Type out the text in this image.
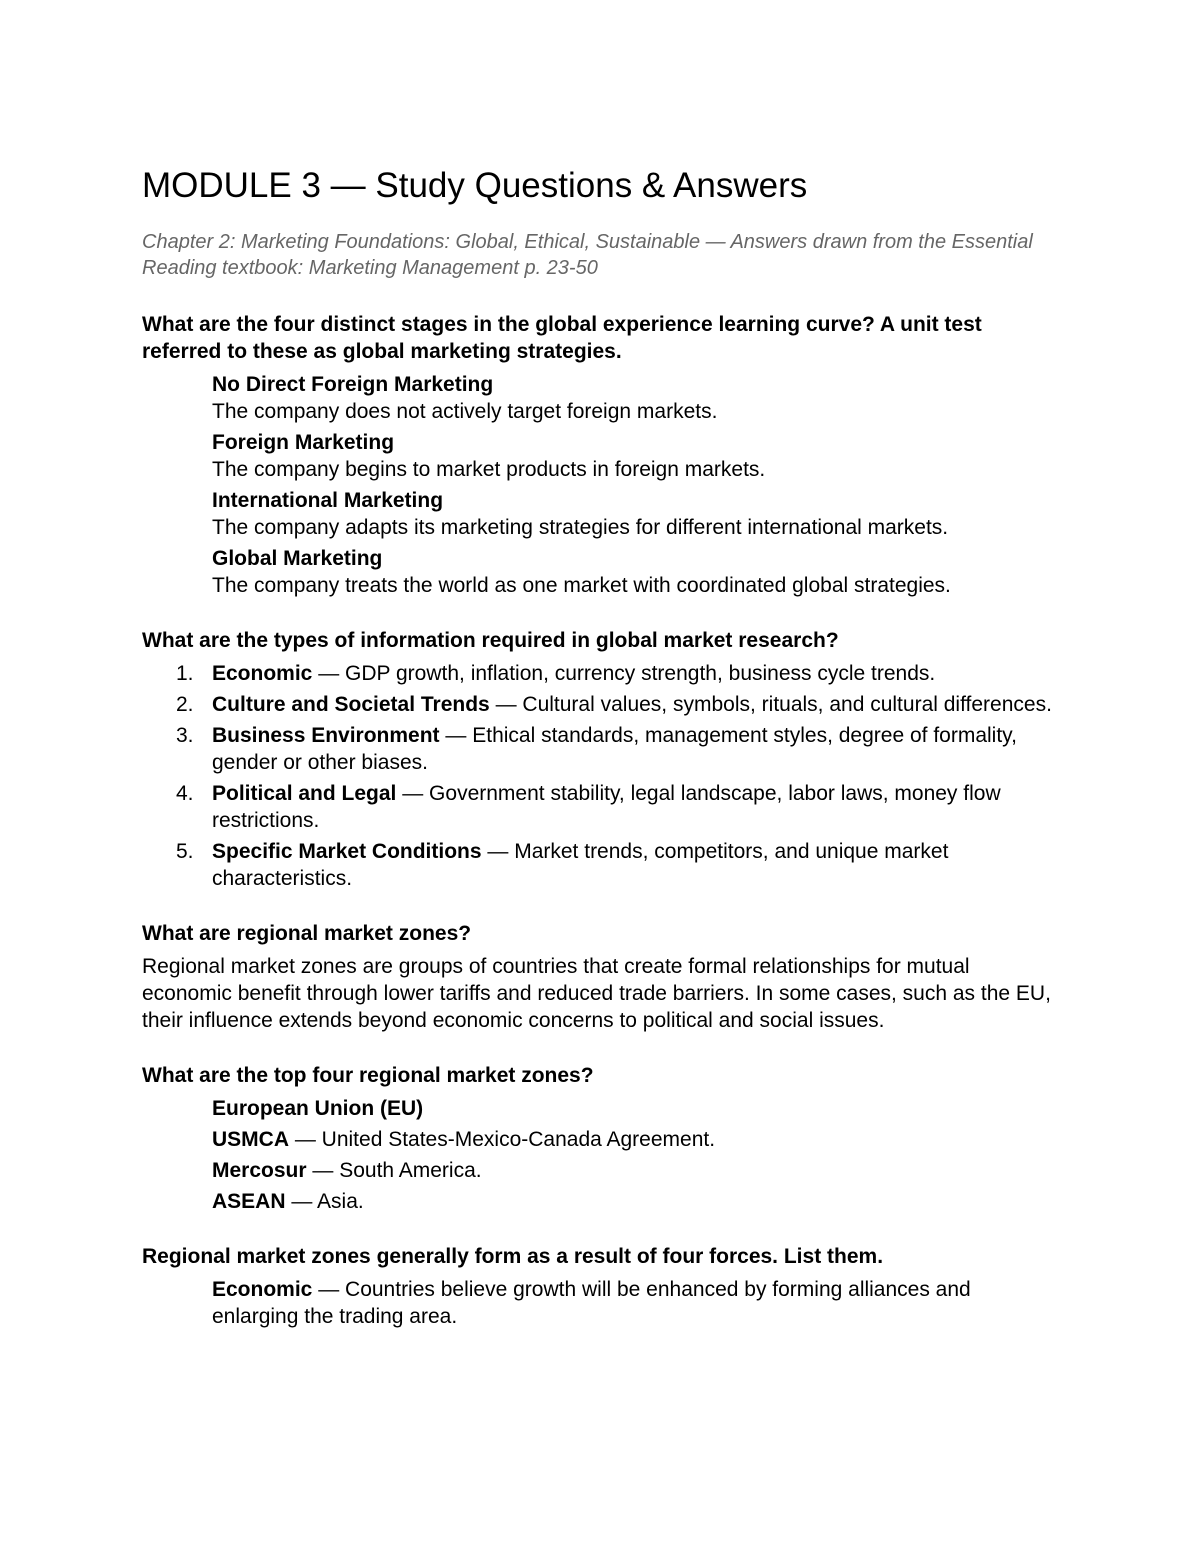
MODULE 3 — Study Questions & Answers
Chapter 2: Marketing Foundations: Global, Ethical, Sustainable — Answers drawn from the Essential Reading textbook: Marketing Management p. 23-50
What are the four distinct stages in the global experience learning curve? A unit test referred to these as global marketing strategies.
No Direct Foreign Marketing
The company does not actively target foreign markets.
Foreign Marketing
The company begins to market products in foreign markets.
International Marketing
The company adapts its marketing strategies for different international markets.
Global Marketing
The company treats the world as one market with coordinated global strategies.
What are the types of information required in global market research?
1. Economic — GDP growth, inflation, currency strength, business cycle trends.
2. Culture and Societal Trends — Cultural values, symbols, rituals, and cultural differences.
3. Business Environment — Ethical standards, management styles, degree of formality, gender or other biases.
4. Political and Legal — Government stability, legal landscape, labor laws, money flow restrictions.
5. Specific Market Conditions — Market trends, competitors, and unique market characteristics.
What are regional market zones?
Regional market zones are groups of countries that create formal relationships for mutual economic benefit through lower tariffs and reduced trade barriers. In some cases, such as the EU, their influence extends beyond economic concerns to political and social issues.
What are the top four regional market zones?
European Union (EU)
USMCA — United States-Mexico-Canada Agreement.
Mercosur — South America.
ASEAN — Asia.
Regional market zones generally form as a result of four forces. List them.
Economic — Countries believe growth will be enhanced by forming alliances and enlarging the trading area.
